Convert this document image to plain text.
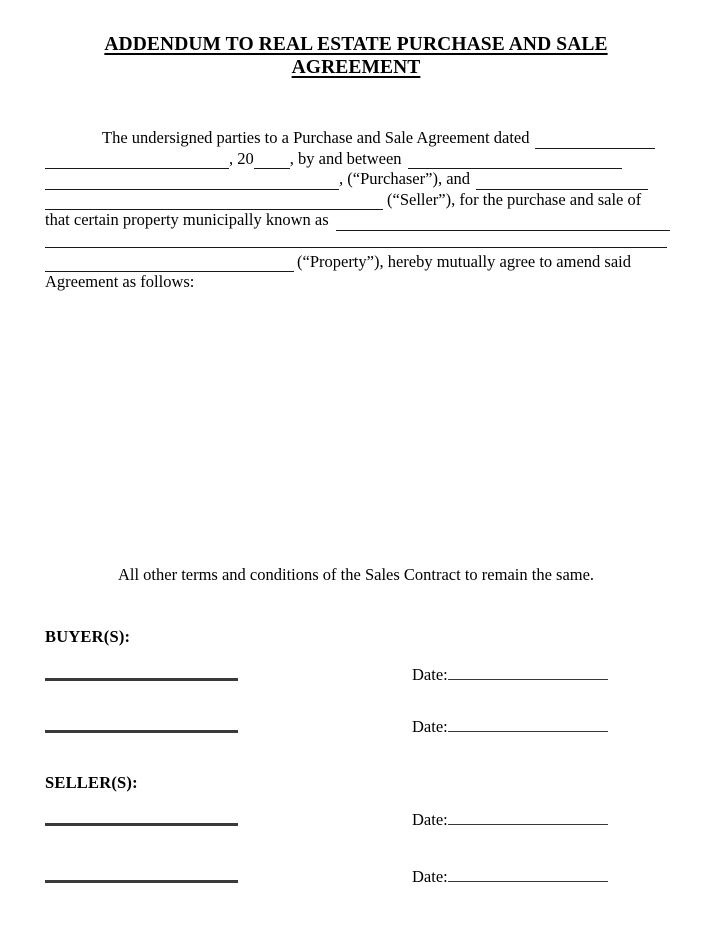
ADDENDUM TO REAL ESTATE PURCHASE AND SALE
AGREEMENT
The undersigned parties to a Purchase and Sale Agreement dated
, 20 , by and between
, (“Purchaser”), and
(“Seller”), for the purchase and sale of
that certain property municipally known as
(“Property”), hereby mutually agree to amend said
Agreement as follows:
All other terms and conditions of the Sales Contract to remain the same.
BUYER(S):
Date:
Date:
SELLER(S):
Date:
Date:
